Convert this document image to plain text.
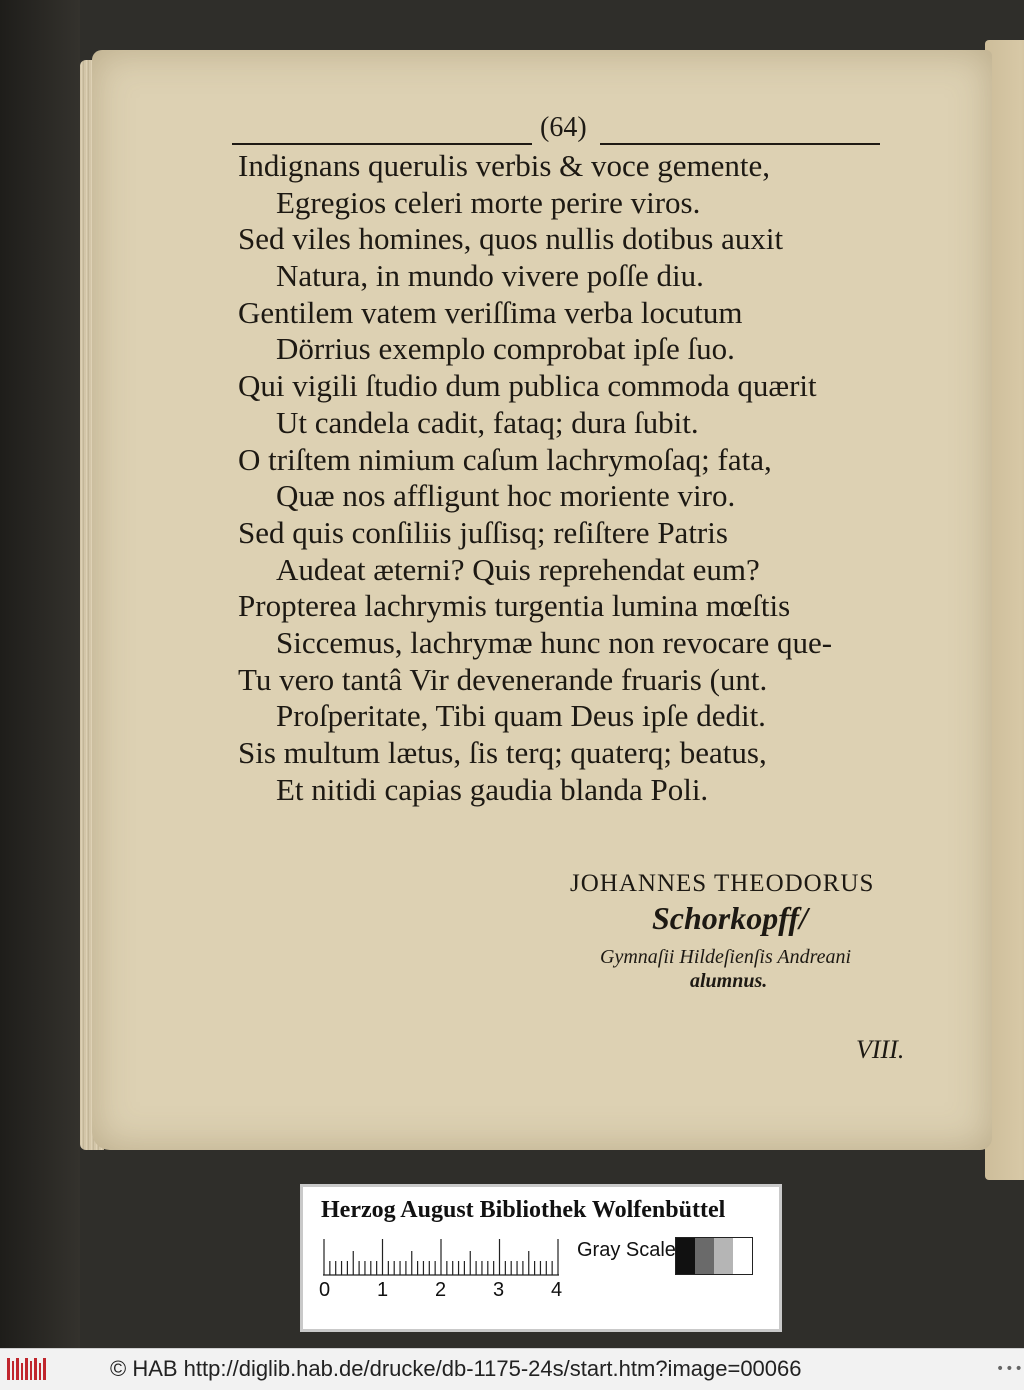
(64)
Indignans querulis verbis & voce gemente,
Egregios celeri morte perire viros.
Sed viles homines, quos nullis dotibus auxit
Natura, in mundo vivere poſſe diu.
Gentilem vatem veriſſima verba locutum
Dörrius exemplo comprobat ipſe ſuo.
Qui vigili ſtudio dum publica commoda quærit
Ut candela cadit, fataq; dura ſubit.
O triſtem nimium caſum lachrymoſaq; fata,
Quæ nos affligunt hoc moriente viro.
Sed quis conſiliis juſſisq; reſiſtere Patris
Audeat æterni? Quis reprehendat eum?
Propterea lachrymis turgentia lumina mœſtis
Siccemus, lachrymæ hunc non revocare que-
Tu vero tantâ Vir devenerande fruaris (unt.
Proſperitate, Tibi quam Deus ipſe dedit.
Sis multum lætus, ſis terq; quaterq; beatus,
Et nitidi capias gaudia blanda Poli.
JOHANNES THEODORUS
Schorkopff/
Gymnaſii Hildeſienſis Andreani
alumnus.
VIII.
Herzog August Bibliothek Wolfenbüttel
0 1 2 3 4
Gray Scale
© HAB http://diglib.hab.de/drucke/db-1175-24s/start.htm?image=00066	•••
